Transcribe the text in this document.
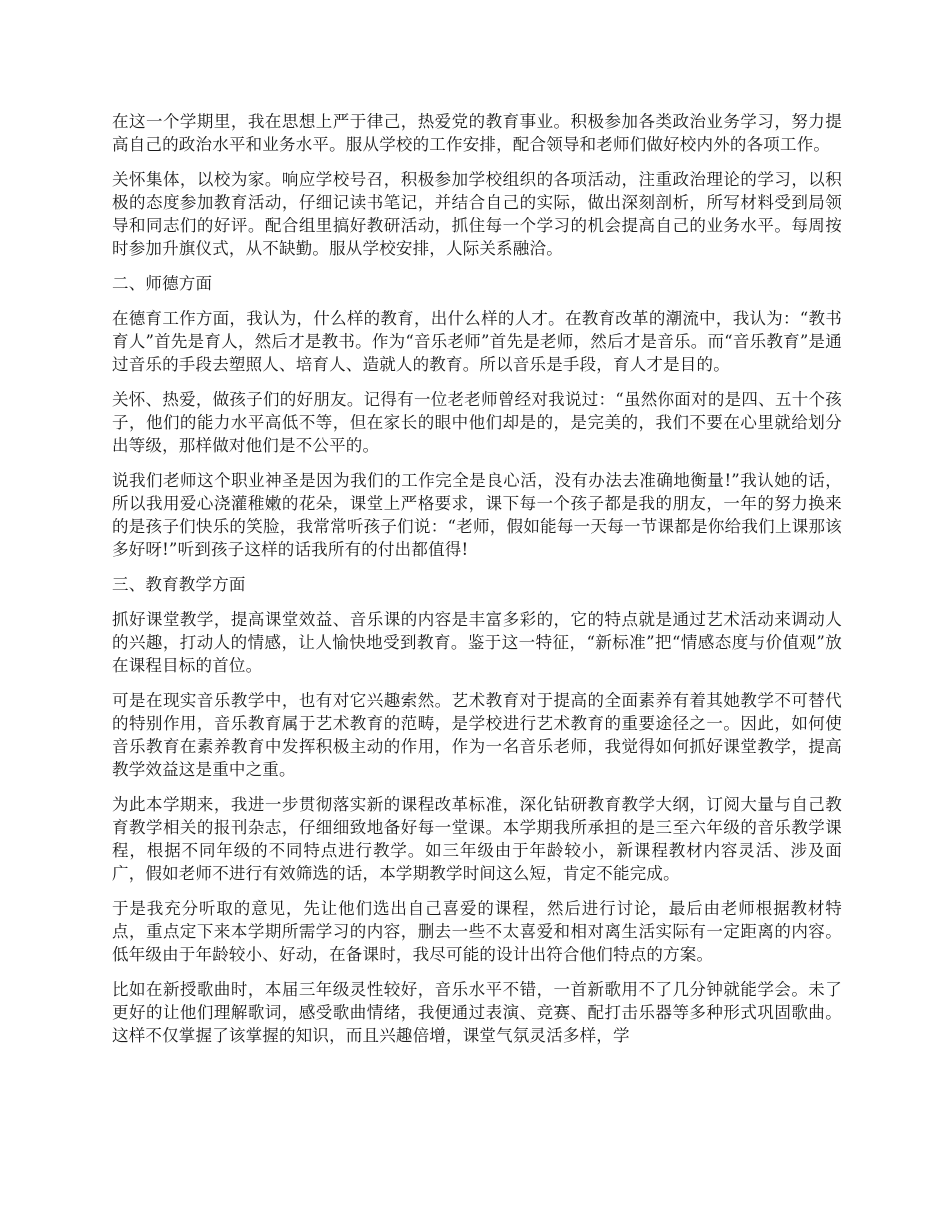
在这一个学期里，我在思想上严于律己，热爱党的教育事业。积极参加各类政治业务学习，努力提高自己的政治水平和业务水平。服从学校的工作安排，配合领导和老师们做好校内外的各项工作。

关怀集体，以校为家。响应学校号召，积极参加学校组织的各项活动，注重政治理论的学习，以积极的态度参加教育活动，仔细记读书笔记，并结合自己的实际，做出深刻剖析，所写材料受到局领导和同志们的好评。配合组里搞好教研活动，抓住每一个学习的机会提高自己的业务水平。每周按时参加升旗仪式，从不缺勤。服从学校安排，人际关系融洽。

二、师德方面

在德育工作方面，我认为，什么样的教育，出什么样的人才。在教育改革的潮流中，我认为：“教书育人”首先是育人，然后才是教书。作为“音乐老师”首先是老师，然后才是音乐。而“音乐教育”是通过音乐的手段去塑照人、培育人、造就人的教育。所以音乐是手段，育人才是目的。

关怀、热爱，做孩子们的好朋友。记得有一位老老师曾经对我说过：“虽然你面对的是四、五十个孩子，他们的能力水平高低不等，但在家长的眼中他们却是的，是完美的，我们不要在心里就给划分出等级，那样做对他们是不公平的。

说我们老师这个职业神圣是因为我们的工作完全是良心活，没有办法去准确地衡量!”我认她的话，所以我用爱心浇灌稚嫩的花朵，课堂上严格要求，课下每一个孩子都是我的朋友，一年的努力换来的是孩子们快乐的笑脸，我常常听孩子们说：“老师，假如能每一天每一节课都是你给我们上课那该多好呀!”听到孩子这样的话我所有的付出都值得!

三、教育教学方面

抓好课堂教学，提高课堂效益、音乐课的内容是丰富多彩的，它的特点就是通过艺术活动来调动人的兴趣，打动人的情感，让人愉快地受到教育。鉴于这一特征，“新标准”把“情感态度与价值观”放在课程目标的首位。

可是在现实音乐教学中，也有对它兴趣索然。艺术教育对于提高的全面素养有着其她教学不可替代的特别作用，音乐教育属于艺术教育的范畴，是学校进行艺术教育的重要途径之一。因此，如何使音乐教育在素养教育中发挥积极主动的作用，作为一名音乐老师，我觉得如何抓好课堂教学，提高教学效益这是重中之重。

为此本学期来，我进一步贯彻落实新的课程改革标准，深化钻研教育教学大纲，订阅大量与自己教育教学相关的报刊杂志，仔细细致地备好每一堂课。本学期我所承担的是三至六年级的音乐教学课程，根据不同年级的不同特点进行教学。如三年级由于年龄较小，新课程教材内容灵活、涉及面广，假如老师不进行有效筛选的话，本学期教学时间这么短，肯定不能完成。

于是我充分听取的意见，先让他们选出自己喜爱的课程，然后进行讨论，最后由老师根据教材特点，重点定下来本学期所需学习的内容，删去一些不太喜爱和相对离生活实际有一定距离的内容。低年级由于年龄较小、好动，在备课时，我尽可能的设计出符合他们特点的方案。

比如在新授歌曲时，本届三年级灵性较好，音乐水平不错，一首新歌用不了几分钟就能学会。未了更好的让他们理解歌词，感受歌曲情绪，我便通过表演、竞赛、配打击乐器等多种形式巩固歌曲。这样不仅掌握了该掌握的知识，而且兴趣倍增，课堂气氛灵活多样，学
